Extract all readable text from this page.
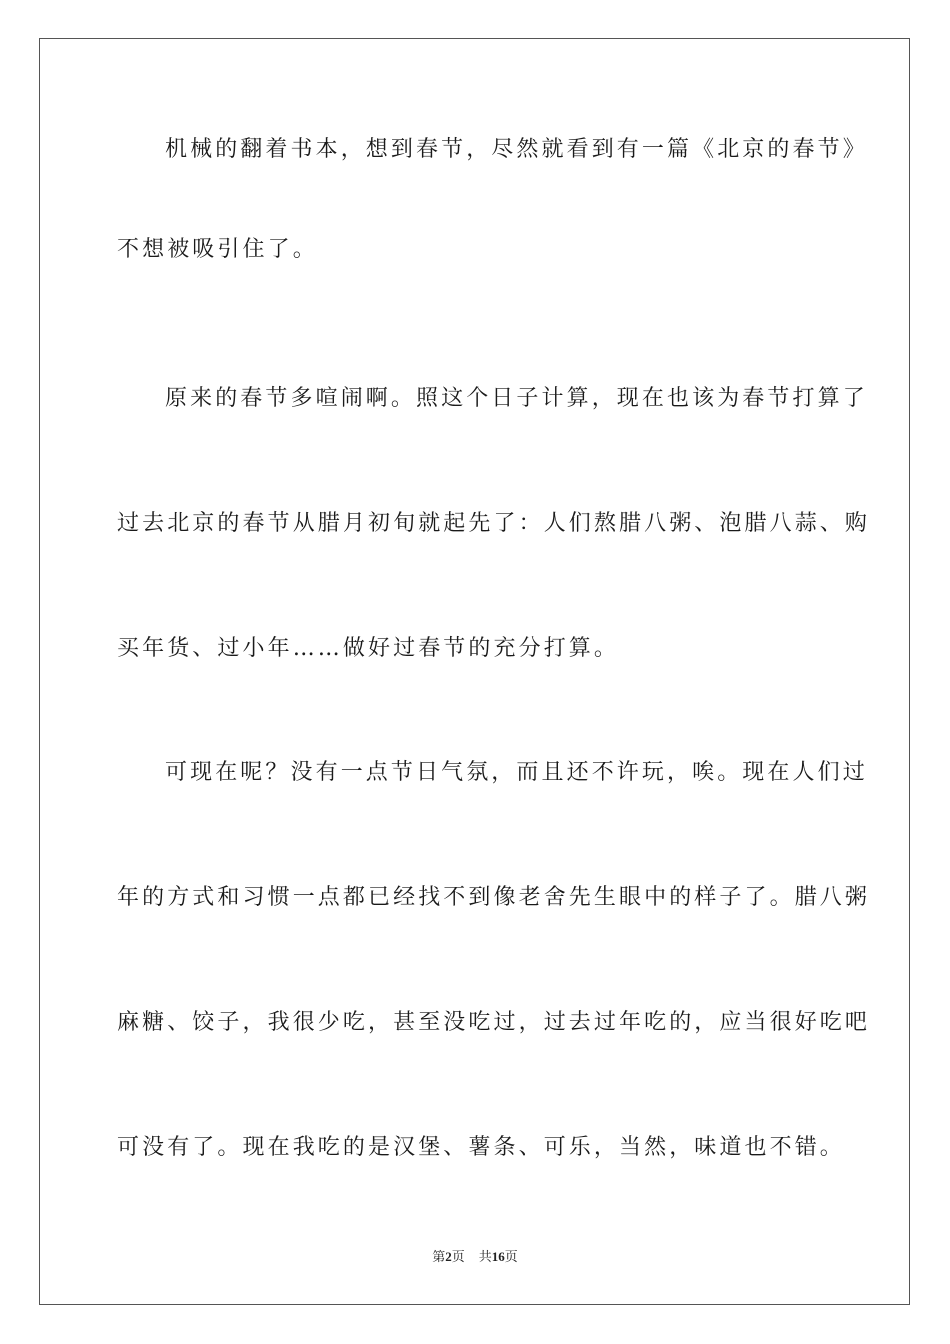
机械的翻着书本，想到春节，尽然就看到有一篇《北京的春节》
不想被吸引住了。
原来的春节多喧闹啊。照这个日子计算，现在也该为春节打算了
过去北京的春节从腊月初旬就起先了：人们熬腊八粥、泡腊八蒜、购
买年货、过小年……做好过春节的充分打算。
可现在呢？没有一点节日气氛，而且还不许玩，唉。现在人们过
年的方式和习惯一点都已经找不到像老舍先生眼中的样子了。腊八粥
麻糖、饺子，我很少吃，甚至没吃过，过去过年吃的，应当很好吃吧
可没有了。现在我吃的是汉堡、薯条、可乐，当然，味道也不错。
第2页 共16页
